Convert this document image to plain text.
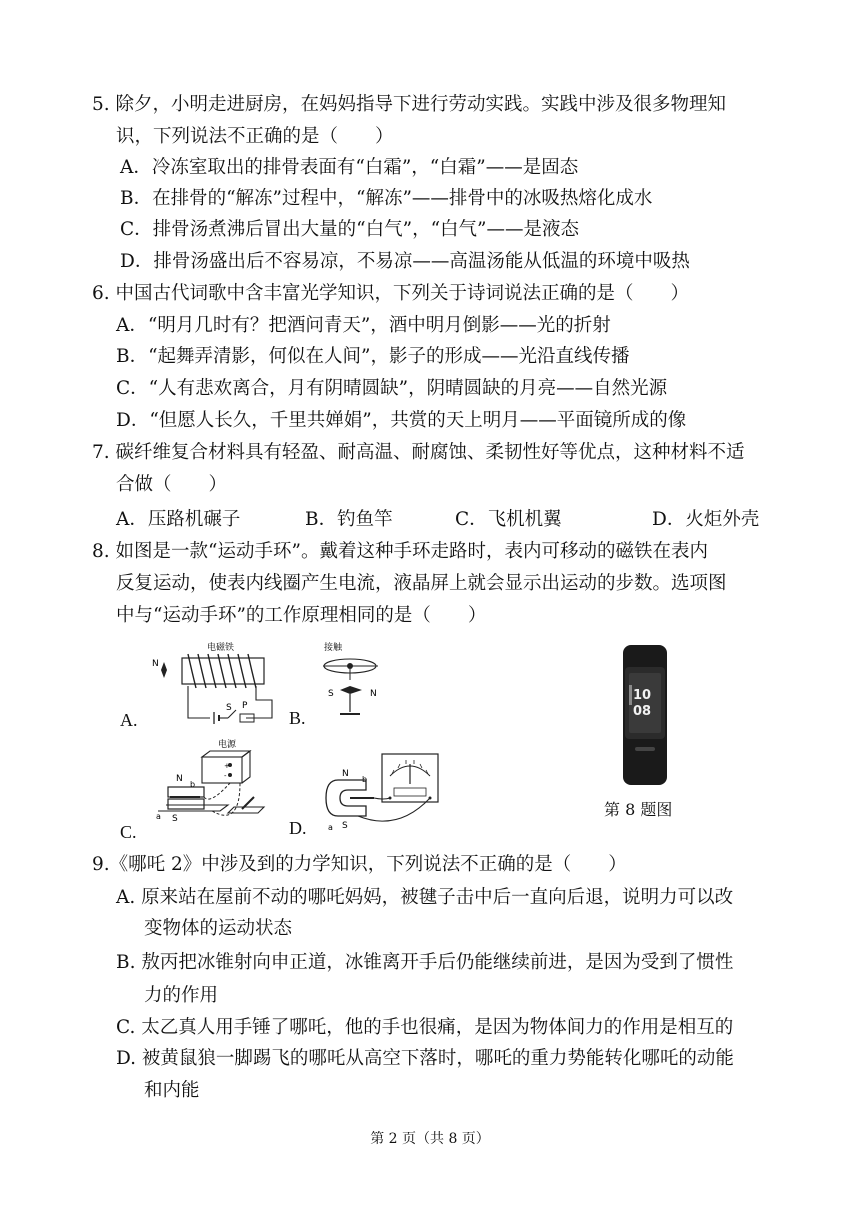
5. 除夕，小明走进厨房，在妈妈指导下进行劳动实践。实践中涉及很多物理知
识，下列说法不正确的是（　　）
A．冷冻室取出的排骨表面有“白霜”，“白霜”——是固态
B．在排骨的“解冻”过程中，“解冻”——排骨中的冰吸热熔化成水
C．排骨汤煮沸后冒出大量的“白气”，“白气”——是液态
D．排骨汤盛出后不容易凉，不易凉——高温汤能从低温的环境中吸热
6. 中国古代词歌中含丰富光学知识，下列关于诗词说法正确的是（　　）
A．“明月几时有？把酒问青天”，酒中明月倒影——光的折射
B．“起舞弄清影，何似在人间”，影子的形成——光沿直线传播
C．“人有悲欢离合，月有阴晴圆缺”，阴晴圆缺的月亮——自然光源
D．“但愿人长久，千里共婵娟”，共赏的天上明月——平面镜所成的像
7. 碳纤维复合材料具有轻盈、耐高温、耐腐蚀、柔韧性好等优点，这种材料不适
合做（　　）
A．压路机碾子	B．钓鱼竿	C．飞机机翼	D．火炬外壳
8. 如图是一款“运动手环”。戴着这种手环走路时，表内可移动的磁铁在表内
反复运动，使表内线圈产生电流，液晶屏上就会显示出运动的步数。选项图
中与“运动手环”的工作原理相同的是（　　）
电磁铁
N
S P
A.
接触
S	N
B.
电源
+
-
N
b
a S
C.
N
b
a S
D.
10
08
第 8 题图
9.《哪吒 2》中涉及到的力学知识，下列说法不正确的是（　　）
A. 原来站在屋前不动的哪吒妈妈，被毽子击中后一直向后退，说明力可以改
变物体的运动状态
B. 敖丙把冰锥射向申正道，冰锥离开手后仍能继续前进，是因为受到了惯性
力的作用
C. 太乙真人用手锤了哪吒，他的手也很痛，是因为物体间力的作用是相互的
D. 被黄鼠狼一脚踢飞的哪吒从高空下落时，哪吒的重力势能转化哪吒的动能
和内能
第 2 页（共 8 页）
